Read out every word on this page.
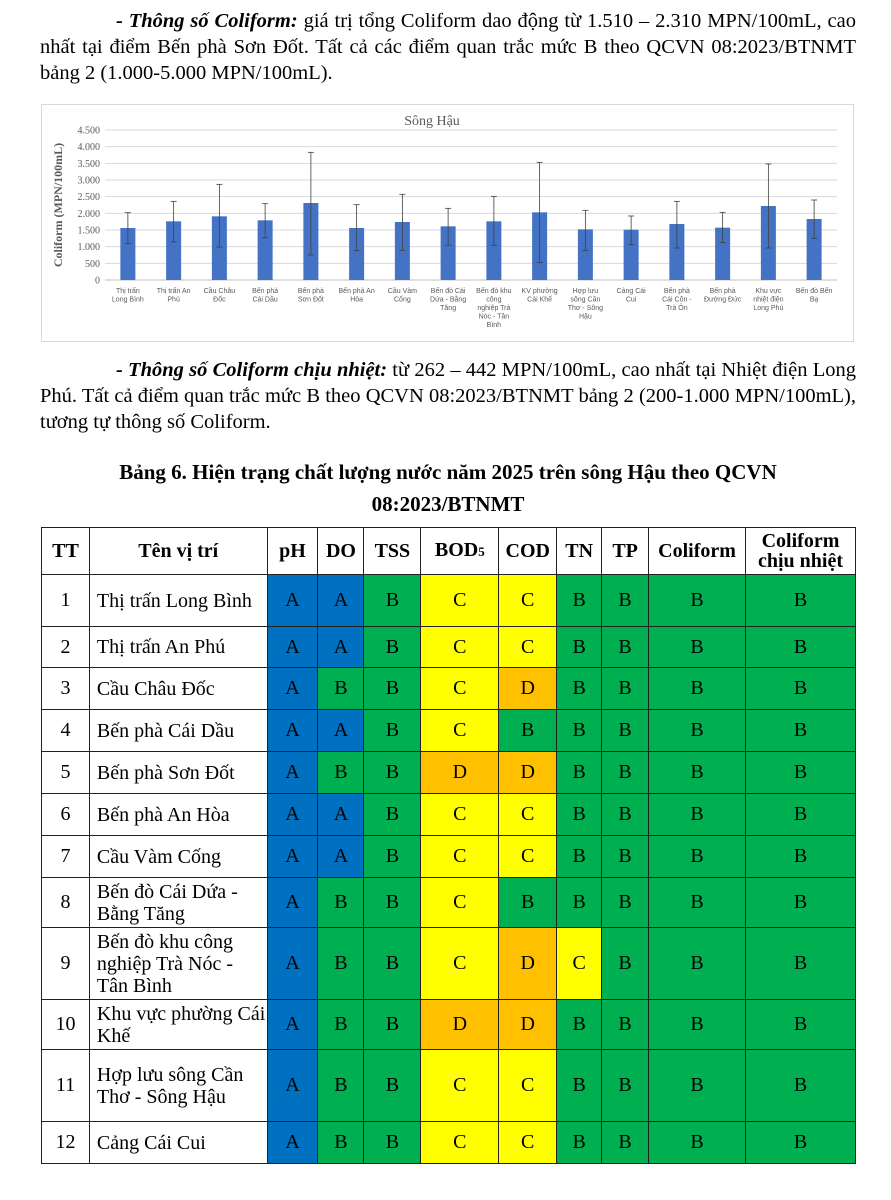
- Thông số Coliform: giá trị tổng Coliform dao động từ 1.510 – 2.310 MPN/100mL, cao nhất tại điểm Bến phà Sơn Đốt. Tất cả các điểm quan trắc mức B theo QCVN 08:2023/BTNMT bảng 2 (1.000-5.000 MPN/100mL).
Sông Hậu
0
500
1.000
1.500
2.000
2.500
3.000
3.500
4.000
4.500
Coliform (MPN/100mL)
Thị trấn
Long Bình
Thị trấn An
Phú
Cầu Châu
Đốc
Bến phà
Cái Dầu
Bến phà
Sơn Đốt
Bến phà An
Hòa
Cầu Vàm
Cống
Bến đò Cái
Dứa - Bằng
Tăng
Bến đò khu
công
nghiệp Trà
Nóc - Tân
Bình
KV phường
Cái Khế
Hợp lưu
sông Cần
Thơ - Sông
Hậu
Cảng Cái
Cui
Bến phà
Cái Côn -
Trà Ôn
Bến phà
Đường Đức
Khu vực
nhiệt điện
Long Phú
Bến đò Bến
Bạ
- Thông số Coliform chịu nhiệt: từ 262 – 442 MPN/100mL, cao nhất tại Nhiệt điện Long Phú. Tất cả điểm quan trắc mức B theo QCVN 08:2023/BTNMT bảng 2 (200-1.000 MPN/100mL), tương tự thông số Coliform.
Bảng 6. Hiện trạng chất lượng nước năm 2025 trên sông Hậu theo QCVN
08:2023/BTNMT
TT	Tên vị trí	pH	DO	TSS	BOD5	COD	TN	TP	Coliform	Coliform chịu nhiệt
1	Thị trấn Long Bình	A	A	B	C	C	B	B	B	B
2	Thị trấn An Phú	A	A	B	C	C	B	B	B	B
3	Cầu Châu Đốc	A	B	B	C	D	B	B	B	B
4	Bến phà Cái Dầu	A	A	B	C	B	B	B	B	B
5	Bến phà Sơn Đốt	A	B	B	D	D	B	B	B	B
6	Bến phà An Hòa	A	A	B	C	C	B	B	B	B
7	Cầu Vàm Cống	A	A	B	C	C	B	B	B	B
8	Bến đò Cái Dứa - Bằng Tăng	A	B	B	C	B	B	B	B	B
9	Bến đò khu công nghiệp Trà Nóc - Tân Bình	A	B	B	C	D	C	B	B	B
10	Khu vực phường Cái Khế	A	B	B	D	D	B	B	B	B
11	Hợp lưu sông Cần Thơ - Sông Hậu	A	B	B	C	C	B	B	B	B
12	Cảng Cái Cui	A	B	B	C	C	B	B	B	B
